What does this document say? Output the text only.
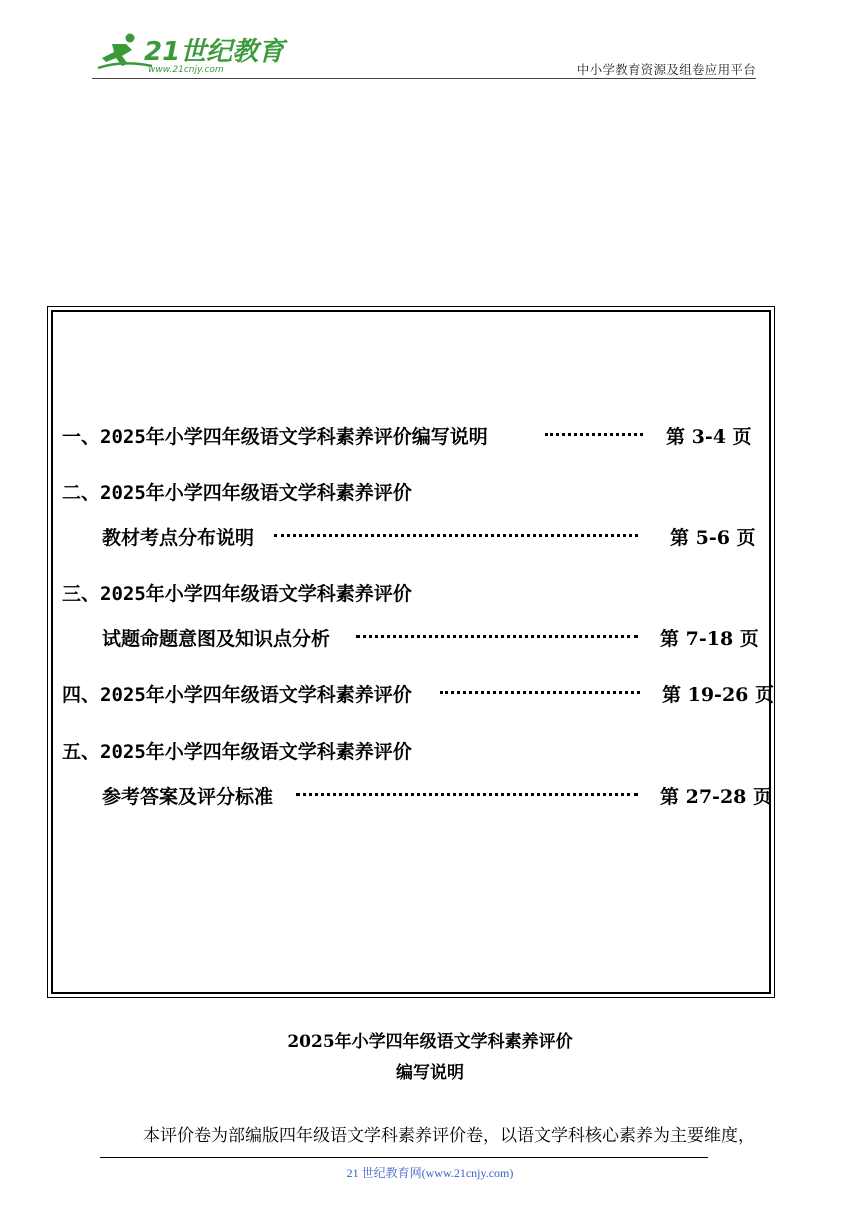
21世纪教育
www.21cnjy.com	中小学教育资源及组卷应用平台
一、2025年小学四年级语文学科素养评价编写说明	第 3-4 页
二、2025年小学四年级语文学科素养评价
教材考点分布说明	第 5-6 页
三、2025年小学四年级语文学科素养评价
试题命题意图及知识点分析	第 7-18 页
四、2025年小学四年级语文学科素养评价	第 19-26 页
五、2025年小学四年级语文学科素养评价
参考答案及评分标准	第 27-28 页
2025年小学四年级语文学科素养评价
编写说明
本评价卷为部编版四年级语文学科素养评价卷，以语文学科核心素养为主要维度，
21 世纪教育网(www.21cnjy.com)
